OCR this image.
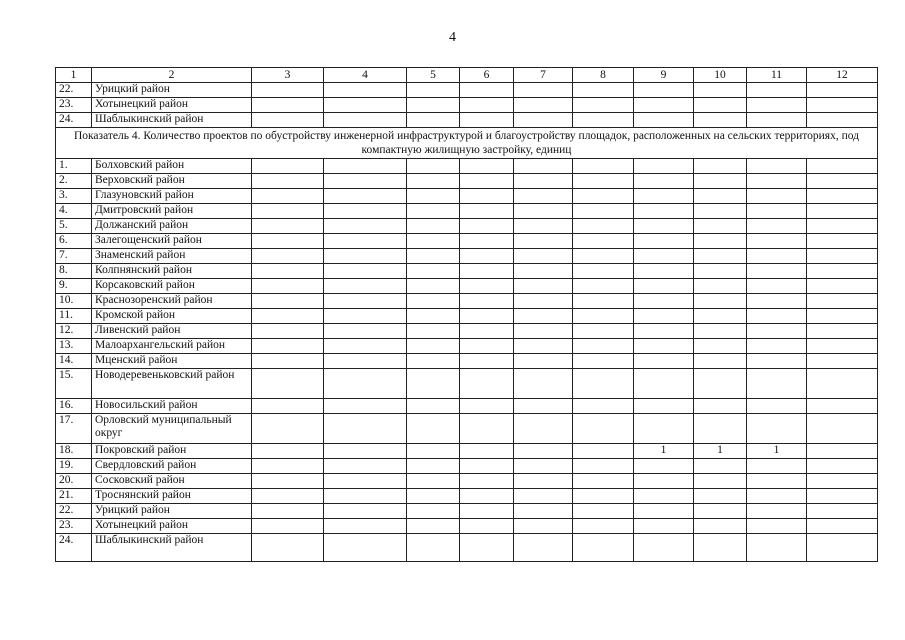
4
1	2	3	4	5	6	7	8	9	10	11	12
22.	Урицкий район										
23.	Хотынецкий район										
24.	Шаблыкинский район										
Показатель 4. Количество проектов по обустройству инженерной инфраструктурой и благоустройству площадок, расположенных на сельских территориях, под компактную жилищную застройку, единиц											
1.	Болховский район										
2.	Верховский район										
3.	Глазуновский район										
4.	Дмитровский район										
5.	Должанский район										
6.	Залегощенский район										
7.	Знаменский район										
8.	Колпнянский район										
9.	Корсаковский район										
10.	Краснозоренский район										
11.	Кромской район										
12.	Ливенский район										
13.	Малоархангельский район										
14.	Мценский район										
15.	Новодеревеньковский район										
16.	Новосильский район										
17.	Орловский муниципальный округ										
18.	Покровский район							1	1	1	
19.	Свердловский район										
20.	Сосковский район										
21.	Троснянский район										
22.	Урицкий район										
23.	Хотынецкий район										
24.	Шаблыкинский район										
